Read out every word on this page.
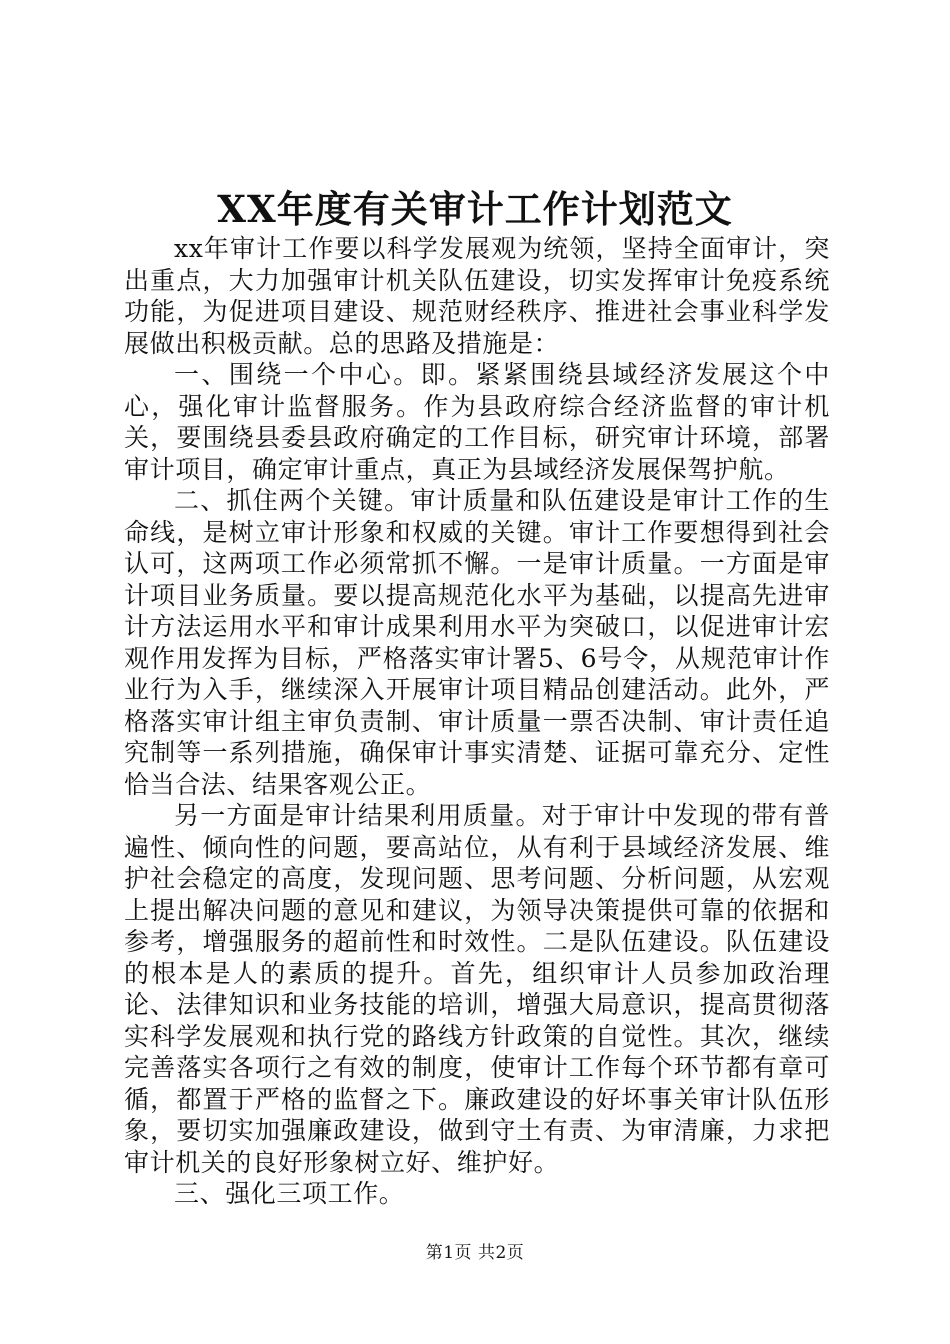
XX年度有关审计工作计划范文

xx年审计工作要以科学发展观为统领，坚持全面审计，突出重点，大力加强审计机关队伍建设，切实发挥审计免疫系统功能，为促进项目建设、规范财经秩序、推进社会事业科学发展做出积极贡献。总的思路及措施是：

一、围绕一个中心。即。紧紧围绕县域经济发展这个中心，强化审计监督服务。作为县政府综合经济监督的审计机关，要围绕县委县政府确定的工作目标，研究审计环境，部署审计项目，确定审计重点，真正为县域经济发展保驾护航。

二、抓住两个关键。审计质量和队伍建设是审计工作的生命线，是树立审计形象和权威的关键。审计工作要想得到社会认可，这两项工作必须常抓不懈。一是审计质量。一方面是审计项目业务质量。要以提高规范化水平为基础，以提高先进审计方法运用水平和审计成果利用水平为突破口，以促进审计宏观作用发挥为目标，严格落实审计署5、6号令，从规范审计作业行为入手，继续深入开展审计项目精品创建活动。此外，严格落实审计组主审负责制、审计质量一票否决制、审计责任追究制等一系列措施，确保审计事实清楚、证据可靠充分、定性恰当合法、结果客观公正。

另一方面是审计结果利用质量。对于审计中发现的带有普遍性、倾向性的问题，要高站位，从有利于县域经济发展、维护社会稳定的高度，发现问题、思考问题、分析问题，从宏观上提出解决问题的意见和建议，为领导决策提供可靠的依据和参考，增强服务的超前性和时效性。二是队伍建设。队伍建设的根本是人的素质的提升。首先，组织审计人员参加政治理论、法律知识和业务技能的培训，增强大局意识，提高贯彻落实科学发展观和执行党的路线方针政策的自觉性。其次，继续完善落实各项行之有效的制度，使审计工作每个环节都有章可循，都置于严格的监督之下。廉政建设的好坏事关审计队伍形象，要切实加强廉政建设，做到守土有责、为审清廉，力求把审计机关的良好形象树立好、维护好。

三、强化三项工作。

第1页 共2页
